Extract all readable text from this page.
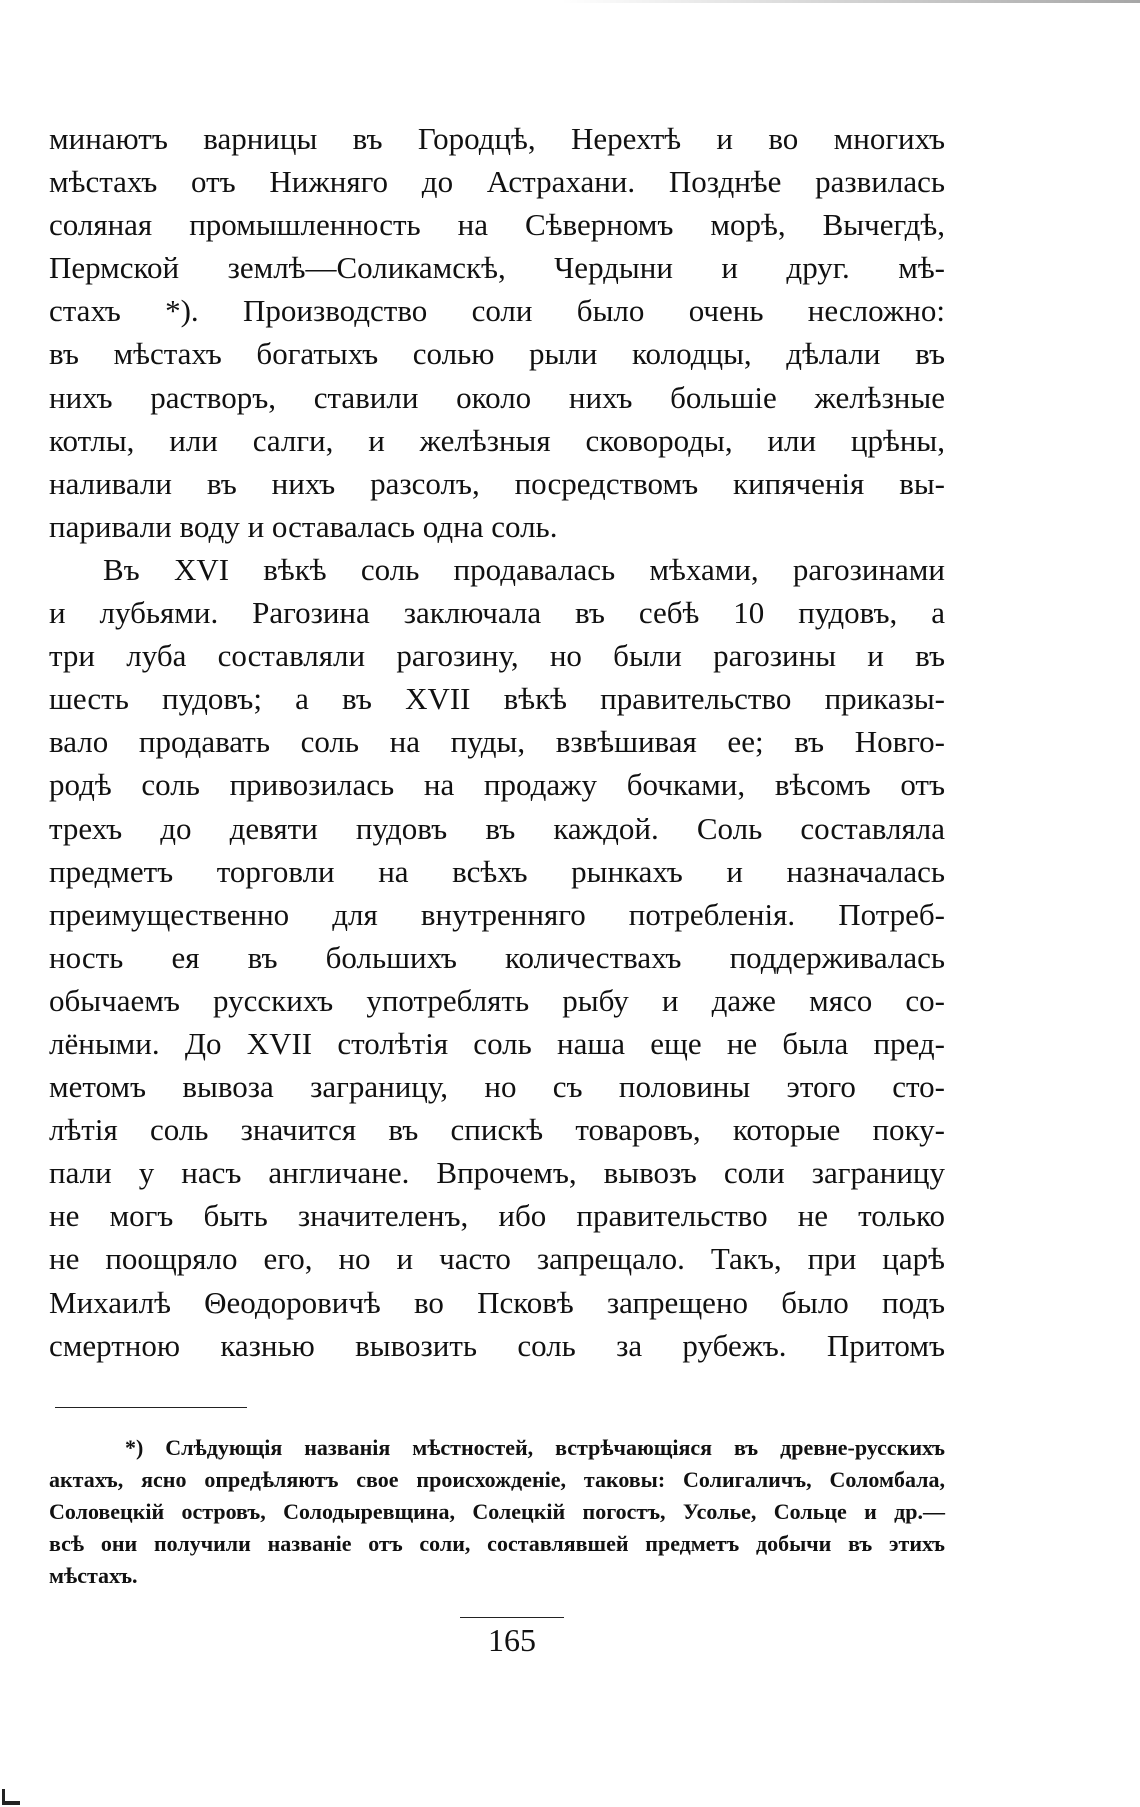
минаютъ варницы въ Городцѣ, Нерехтѣ и во многихъ
мѣстахъ отъ Нижняго до Астрахани. Позднѣе развилась
соляная промышленность на Сѣверномъ морѣ, Вычегдѣ,
Пермской землѣ—Соликамскѣ, Чердыни и друг. мѣ-
стахъ *). Производство соли было очень несложно:
въ мѣстахъ богатыхъ солью рыли колодцы, дѣлали въ
нихъ растворъ, ставили около нихъ большіе желѣзные
котлы, или салги, и желѣзныя сковороды, или црѣны,
наливали въ нихъ разсолъ, посредствомъ кипяченія вы-
паривали воду и оставалась одна соль.
Въ XVI вѣкѣ соль продавалась мѣхами, рагозинами
и лубьями. Рагозина заключала въ себѣ 10 пудовъ, а
три луба составляли рагозину, но были рагозины и въ
шесть пудовъ; а въ XVII вѣкѣ правительство приказы-
вало продавать соль на пуды, взвѣшивая ее; въ Новго-
родѣ соль привозилась на продажу бочками, вѣсомъ отъ
трехъ до девяти пудовъ въ каждой. Соль составляла
предметъ торговли на всѣхъ рынкахъ и назначалась
преимущественно для внутренняго потребленія. Потреб-
ность ея въ большихъ количествахъ поддерживалась
обычаемъ русскихъ употреблять рыбу и даже мясо со-
лёными. До XVII столѣтія соль наша еще не была пред-
метомъ вывоза заграницу, но съ половины этого сто-
лѣтія соль значится въ спискѣ товаровъ, которые поку-
пали у насъ англичане. Впрочемъ, вывозъ соли заграницу
не могъ быть значителенъ, ибо правительство не только
не поощряло его, но и часто запрещало. Такъ, при царѣ
Михаилѣ Θеодоровичѣ во Псковѣ запрещено было подъ
смертною казнью вывозить соль за рубежъ. Притомъ
*) Слѣдующія названія мѣстностей, встрѣчающіяся въ древне-русскихъ
актахъ, ясно опредѣляютъ свое происхожденіе, таковы: Солигаличъ, Соломбала,
Соловецкій островъ, Солодыревщина, Солецкій погостъ, Усолье, Сольце и др.—
всѣ они получили названіе отъ соли, составлявшей предметъ добычи въ этихъ
мѣстахъ.
165
